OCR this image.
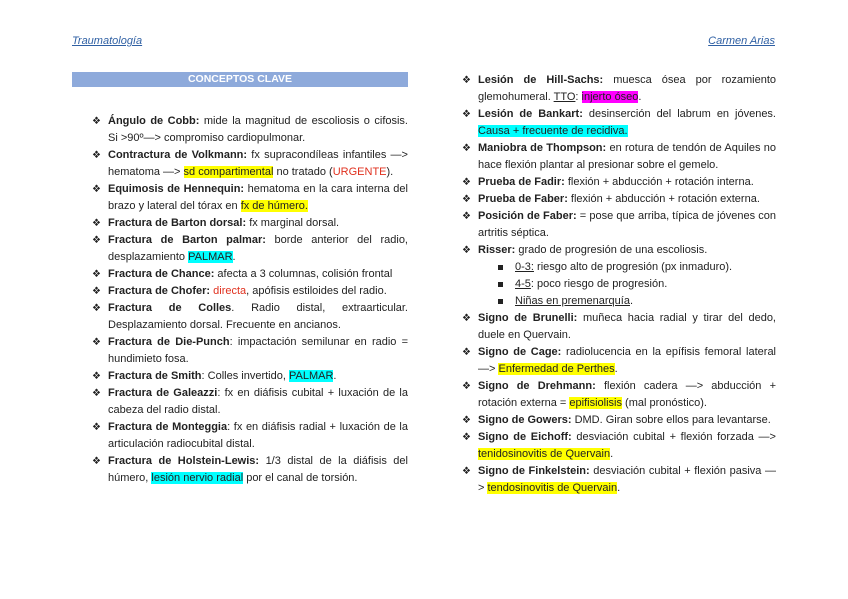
Traumatología	Carmen Arias
CONCEPTOS CLAVE
❖ Ángulo de Cobb: mide la magnitud de escoliosis o cifosis. Si >90º—> compromiso cardiopulmonar.
❖ Contractura de Volkmann: fx supracondíleas infantiles —> hematoma —> sd compartimental no tratado (URGENTE).
❖ Equimosis de Hennequin: hematoma en la cara interna del brazo y lateral del tórax en fx de húmero.
❖ Fractura de Barton dorsal: fx marginal dorsal.
❖ Fractura de Barton palmar: borde anterior del radio, desplazamiento PALMAR.
❖ Fractura de Chance: afecta a 3 columnas, colisión frontal
❖ Fractura de Chofer: directa, apófisis estiloides del radio.
❖ Fractura de Colles. Radio distal, extraarticular. Desplazamiento dorsal. Frecuente en ancianos.
❖ Fractura de Die-Punch: impactación semilunar en radio = hundimieto fosa.
❖ Fractura de Smith: Colles invertido, PALMAR.
❖ Fractura de Galeazzi: fx en diáfisis cubital + luxación de la cabeza del radio distal.
❖ Fractura de Monteggia: fx en diáfisis radial + luxación de la articulación radiocubital distal.
❖ Fractura de Holstein-Lewis: 1/3 distal de la diáfisis del húmero, lesión nervio radial por el canal de torsión.
❖ Lesión de Hill-Sachs: muesca ósea por rozamiento glemohumeral. TTO: injerto óseo.
❖ Lesión de Bankart: desinserción del labrum en jóvenes. Causa + frecuente de recidiva.
❖ Maniobra de Thompson: en rotura de tendón de Aquiles no hace flexión plantar al presionar sobre el gemelo.
❖ Prueba de Fadir: flexión + abducción + rotación interna.
❖ Prueba de Faber: flexión + abducción + rotación externa.
❖ Posición de Faber: = pose que arriba, típica de jóvenes con artritis séptica.
❖ Risser: grado de progresión de una escoliosis.
0-3: riesgo alto de progresión (px inmaduro).
4-5: poco riesgo de progresión.
Niñas en premenarquía.
❖ Signo de Brunelli: muñeca hacia radial y tirar del dedo, duele en Quervain.
❖ Signo de Cage: radiolucencia en la epífisis femoral lateral —> Enfermedad de Perthes.
❖ Signo de Drehmann: flexión cadera —> abducción + rotación externa = epifisiolisis (mal pronóstico).
❖ Signo de Gowers: DMD. Giran sobre ellos para levantarse.
❖ Signo de Eichoff: desviación cubital + flexión forzada —> tenidosinovitis de Quervain.
❖ Signo de Finkelstein: desviación cubital + flexión pasiva —> tendosinovitis de Quervain.
